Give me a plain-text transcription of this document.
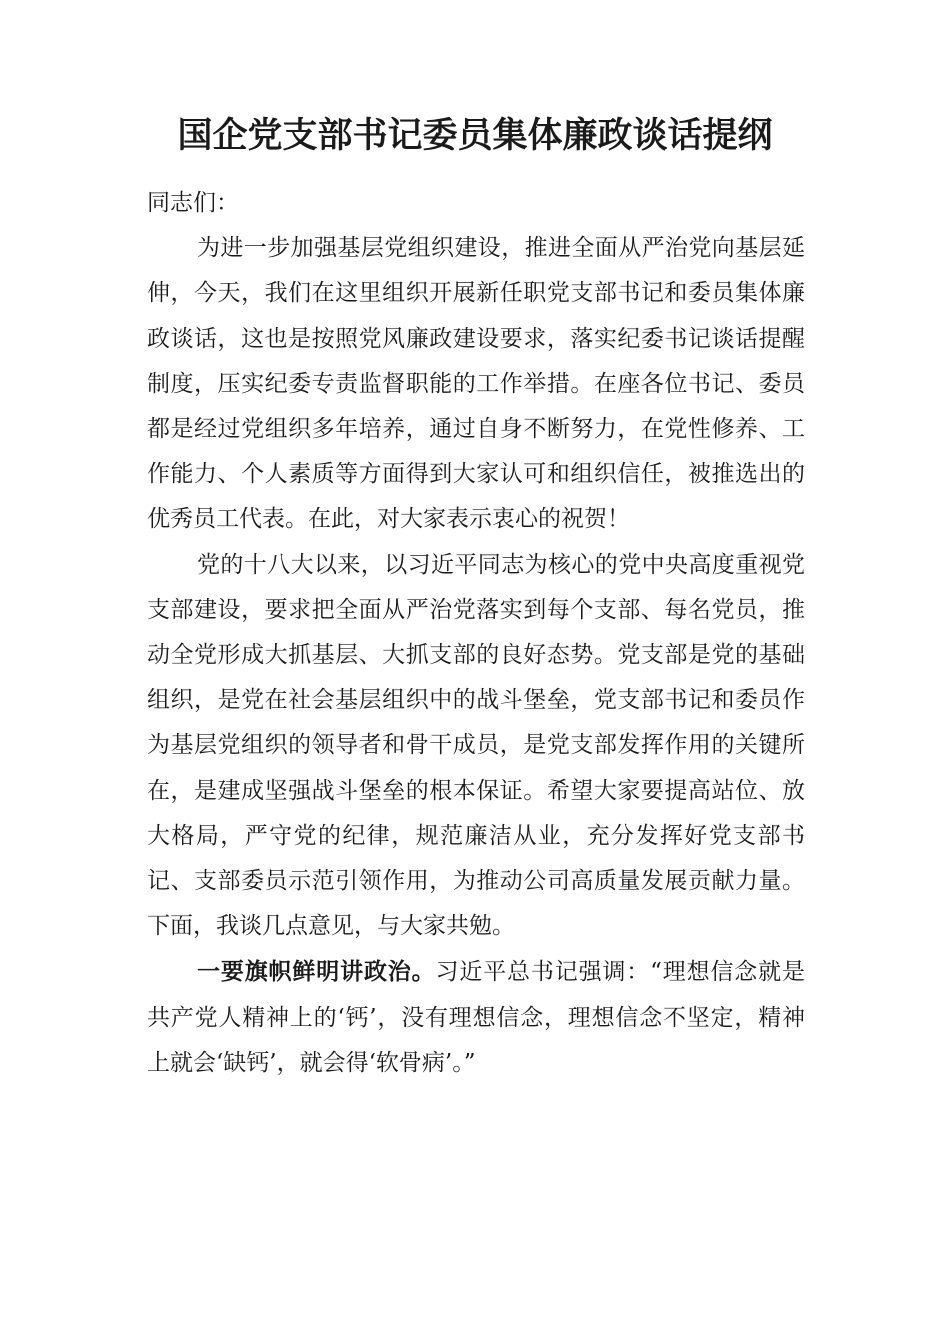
国企党支部书记委员集体廉政谈话提纲

同志们：

为进一步加强基层党组织建设，推进全面从严治党向基层延伸，今天，我们在这里组织开展新任职党支部书记和委员集体廉政谈话，这也是按照党风廉政建设要求，落实纪委书记谈话提醒制度，压实纪委专责监督职能的工作举措。在座各位书记、委员都是经过党组织多年培养，通过自身不断努力，在党性修养、工作能力、个人素质等方面得到大家认可和组织信任，被推选出的优秀员工代表。在此，对大家表示衷心的祝贺！

党的十八大以来，以习近平同志为核心的党中央高度重视党支部建设，要求把全面从严治党落实到每个支部、每名党员，推动全党形成大抓基层、大抓支部的良好态势。党支部是党的基础组织，是党在社会基层组织中的战斗堡垒，党支部书记和委员作为基层党组织的领导者和骨干成员，是党支部发挥作用的关键所在，是建成坚强战斗堡垒的根本保证。希望大家要提高站位、放大格局，严守党的纪律，规范廉洁从业，充分发挥好党支部书记、支部委员示范引领作用，为推动公司高质量发展贡献力量。下面，我谈几点意见，与大家共勉。

一要旗帜鲜明讲政治。习近平总书记强调：“理想信念就是共产党人精神上的‘钙’，没有理想信念，理想信念不坚定，精神上就会‘缺钙’，就会得‘软骨病’。”
